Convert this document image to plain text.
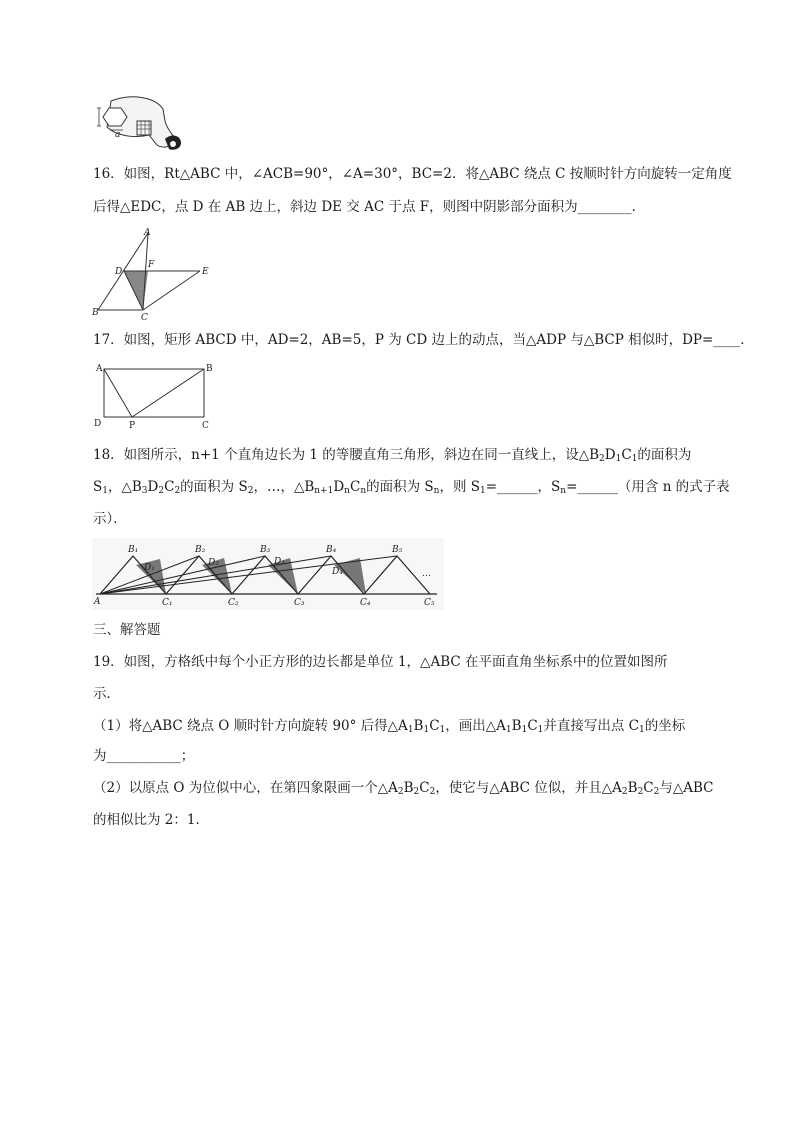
a
16．如图，Rt△ABC 中，∠ACB=90°，∠A=30°，BC=2．将△ABC 绕点 C 按顺时针方向旋转一定角度
后得△EDC，点 D 在 AB 边上，斜边 DE 交 AC 于点 F，则图中阴影部分面积为________．
A
B	C
D	E
F
17．如图，矩形 ABCD 中，AD=2，AB=5，P 为 CD 边上的动点，当△ADP 与△BCP 相似时，DP=____．
A	B
D	C
P
18．如图所示，n+1 个直角边长为 1 的等腰直角三角形，斜边在同一直线上，设$\triangle B_2D_1C_1$的面积为
$S_1$，$\triangle B_3D_2C_2$的面积为 $S_2$，…，$\triangle B_{n+1}D_nC_n$的面积为 $S_n$，则 $S_1=\_\_\_\_\_\_$，$S_n=\_\_\_\_\_\_$（用含 n 的式子表
示）．
A
B₁	B₂	B₃	B₄	B₅
D₁	D₂	D₃
D₄
C₁	C₂	C₃	C₄	C₅
…
三、解答题
19．如图，方格纸中每个小正方形的边长都是单位 1，△ABC 在平面直角坐标系中的位置如图所
示．
（1）将△ABC 绕点 O 顺时针方向旋转 90° 后得$\triangle A_1B_1C_1$，画出$\triangle A_1B_1C_1$并直接写出点 $C_1$的坐标
为___________；
（2）以原点 O 为位似中心，在第四象限画一个$\triangle A_2B_2C_2$，使它与△ABC 位似，并且$\triangle A_2B_2C_2$与△ABC
的相似比为 2：1．
